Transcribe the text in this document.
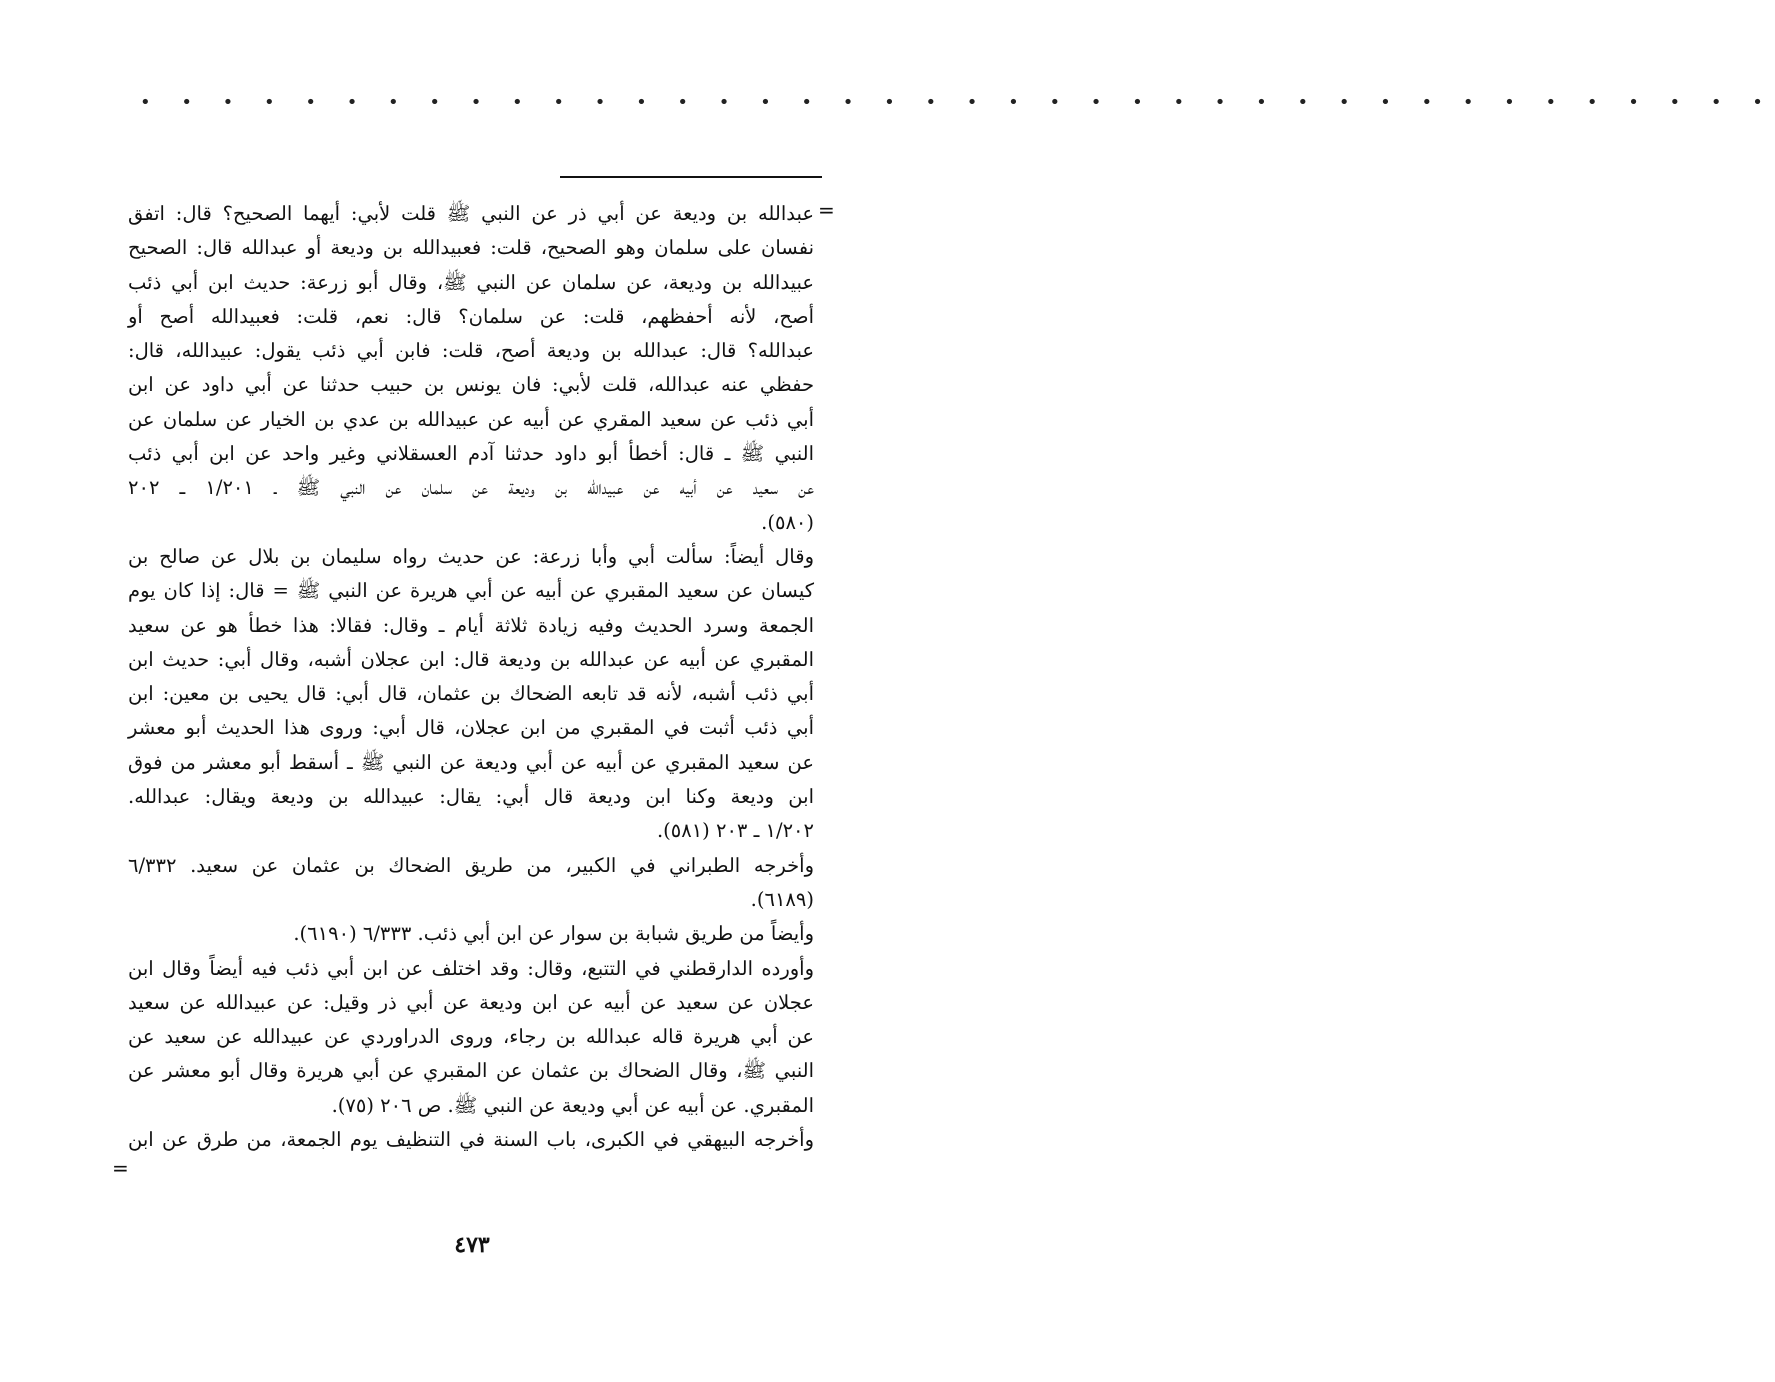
• • • • • • • • • • • • • • • • • • • • • • • • • • • • • • • • • • • • • • • •
=
عبدالله بن وديعة عن أبي ذر عن النبي ﷺ قلت لأبي: أيهما الصحيح؟ قال: اتفق
نفسان على سلمان وهو الصحيح، قلت: فعبيدالله بن وديعة أو عبدالله قال: الصحيح
عبيدالله بن وديعة، عن سلمان عن النبي ﷺ، وقال أبو زرعة: حديث ابن أبي ذئب
أصح، لأنه أحفظهم، قلت: عن سلمان؟ قال: نعم، قلت: فعبيدالله أصح أو
عبدالله؟ قال: عبدالله بن وديعة أصح، قلت: فابن أبي ذئب يقول: عبيدالله، قال:
حفظي عنه عبدالله، قلت لأبي: فان يونس بن حبيب حدثنا عن أبي داود عن ابن
أبي ذئب عن سعيد المقري عن أبيه عن عبيدالله بن عدي بن الخيار عن سلمان عن
النبي ﷺ ـ قال: أخطأ أبو داود حدثنا آدم العسقلاني وغير واحد عن ابن أبي ذئب
عن سعيد عن أبيه عن عبيدالله بن وديعة عن سلمان عن النبي ﷺ ـ ١/٢٠١ ـ ٢٠٢
(٥٨٠).
وقال أيضاً: سألت أبي وأبا زرعة: عن حديث رواه سليمان بن بلال عن صالح بن
كيسان عن سعيد المقبري عن أبيه عن أبي هريرة عن النبي ﷺ = قال: إذا كان يوم
الجمعة وسرد الحديث وفيه زيادة ثلاثة أيام ـ وقال: فقالا: هذا خطأ هو عن سعيد
المقبري عن أبيه عن عبدالله بن وديعة قال: ابن عجلان أشبه، وقال أبي: حديث ابن
أبي ذئب أشبه، لأنه قد تابعه الضحاك بن عثمان، قال أبي: قال يحيى بن معين: ابن
أبي ذئب أثبت في المقبري من ابن عجلان، قال أبي: وروى هذا الحديث أبو معشر
عن سعيد المقبري عن أبيه عن أبي وديعة عن النبي ﷺ ـ أسقط أبو معشر من فوق
ابن وديعة وكنا ابن وديعة قال أبي: يقال: عبيدالله بن وديعة ويقال: عبدالله.
١/٢٠٢ ـ ٢٠٣ (٥٨١).
وأخرجه الطبراني في الكبير، من طريق الضحاك بن عثمان عن سعيد. ٦/٣٣٢
(٦١٨٩).
وأيضاً من طريق شبابة بن سوار عن ابن أبي ذئب. ٦/٣٣٣ (٦١٩٠).
وأورده الدارقطني في التتبع، وقال: وقد اختلف عن ابن أبي ذئب فيه أيضاً وقال ابن
عجلان عن سعيد عن أبيه عن ابن وديعة عن أبي ذر وقيل: عن عبيدالله عن سعيد
عن أبي هريرة قاله عبدالله بن رجاء، وروى الدراوردي عن عبيدالله عن سعيد عن
النبي ﷺ، وقال الضحاك بن عثمان عن المقبري عن أبي هريرة وقال أبو معشر عن
المقبري. عن أبيه عن أبي وديعة عن النبي ﷺ. ص ٢٠٦ (٧٥).
وأخرجه البيهقي في الكبرى، باب السنة في التنظيف يوم الجمعة، من طرق عن ابن
=
٤٧٣
